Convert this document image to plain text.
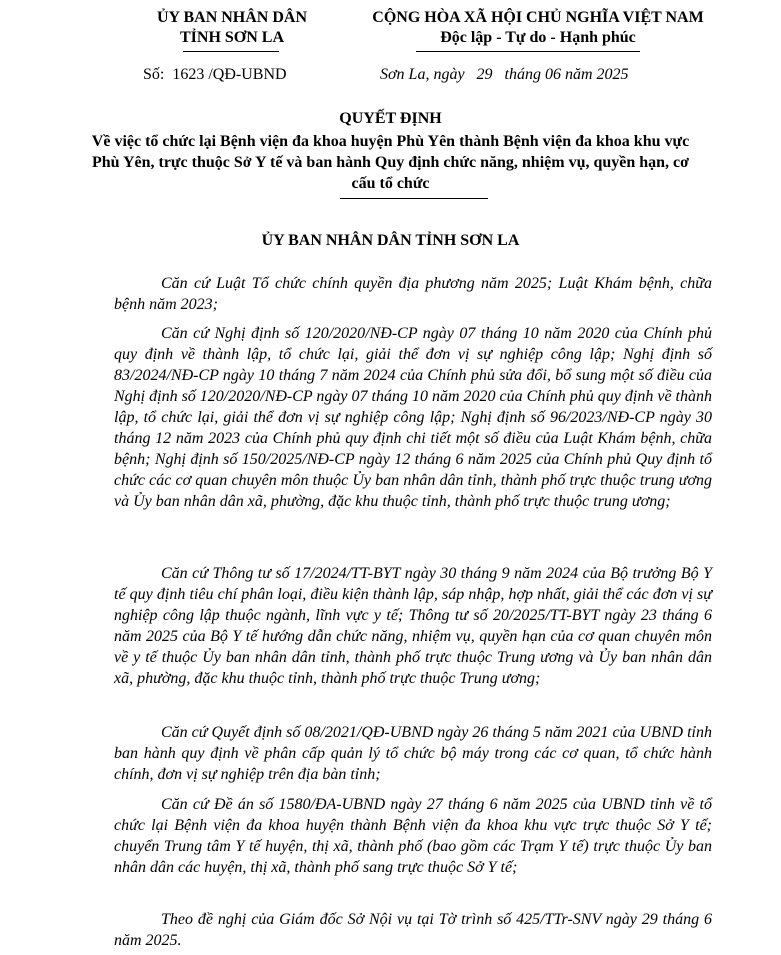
ỦY BAN NHÂN DÂN
TỈNH SƠN LA
CỘNG HÒA XÃ HỘI CHỦ NGHĨA VIỆT NAM
Độc lập - Tự do - Hạnh phúc
Số:  1623 /QĐ-UBND	Sơn La, ngày   29   tháng 06 năm 2025
QUYẾT ĐỊNH
Về việc tổ chức lại Bệnh viện đa khoa huyện Phù Yên thành Bệnh viện đa khoa khu vực Phù Yên, trực thuộc Sở Y tế và ban hành Quy định chức năng, nhiệm vụ, quyền hạn, cơ cấu tổ chức
ỦY BAN NHÂN DÂN TỈNH SƠN LA

Căn cứ Luật Tổ chức chính quyền địa phương năm 2025; Luật Khám bệnh, chữa bệnh năm 2023;

Căn cứ Nghị định số 120/2020/NĐ-CP ngày 07 tháng 10 năm 2020 của Chính phủ quy định về thành lập, tổ chức lại, giải thể đơn vị sự nghiệp công lập; Nghị định số 83/2024/NĐ-CP ngày 10 tháng 7 năm 2024 của Chính phủ sửa đổi, bổ sung một số điều của Nghị định số 120/2020/NĐ-CP ngày 07 tháng 10 năm 2020 của Chính phủ quy định về thành lập, tổ chức lại, giải thể đơn vị sự nghiệp công lập; Nghị định số 96/2023/NĐ-CP ngày 30 tháng 12 năm 2023 của Chính phủ quy định chi tiết một số điều của Luật Khám bệnh, chữa bệnh; Nghị định số 150/2025/NĐ-CP ngày 12 tháng 6 năm 2025 của Chính phủ Quy định tổ chức các cơ quan chuyên môn thuộc Ủy ban nhân dân tỉnh, thành phố trực thuộc trung ương và Ủy ban nhân dân xã, phường, đặc khu thuộc tỉnh, thành phố trực thuộc trung ương;

Căn cứ Thông tư số 17/2024/TT-BYT ngày 30 tháng 9 năm 2024 của Bộ trưởng Bộ Y tế quy định tiêu chí phân loại, điều kiện thành lập, sáp nhập, hợp nhất, giải thể các đơn vị sự nghiệp công lập thuộc ngành, lĩnh vực y tế; Thông tư số 20/2025/TT-BYT ngày 23 tháng 6 năm 2025 của Bộ Y tế hướng dẫn chức năng, nhiệm vụ, quyền hạn của cơ quan chuyên môn về y tế thuộc Ủy ban nhân dân tỉnh, thành phố trực thuộc Trung ương và Ủy ban nhân dân xã, phường, đặc khu thuộc tỉnh, thành phố trực thuộc Trung ương;

Căn cứ Quyết định số 08/2021/QĐ-UBND ngày 26 tháng 5 năm 2021 của UBND tỉnh ban hành quy định về phân cấp quản lý tổ chức bộ máy trong các cơ quan, tổ chức hành chính, đơn vị sự nghiệp trên địa bàn tỉnh;

Căn cứ Đề án số 1580/ĐA-UBND ngày 27 tháng 6 năm 2025 của UBND tỉnh về tổ chức lại Bệnh viện đa khoa huyện thành Bệnh viện đa khoa khu vực trực thuộc Sở Y tế; chuyển Trung tâm Y tế huyện, thị xã, thành phố (bao gồm các Trạm Y tế) trực thuộc Ủy ban nhân dân các huyện, thị xã, thành phố sang trực thuộc Sở Y tế;

Theo đề nghị của Giám đốc Sở Nội vụ tại Tờ trình số 425/TTr-SNV ngày 29 tháng 6 năm 2025.
